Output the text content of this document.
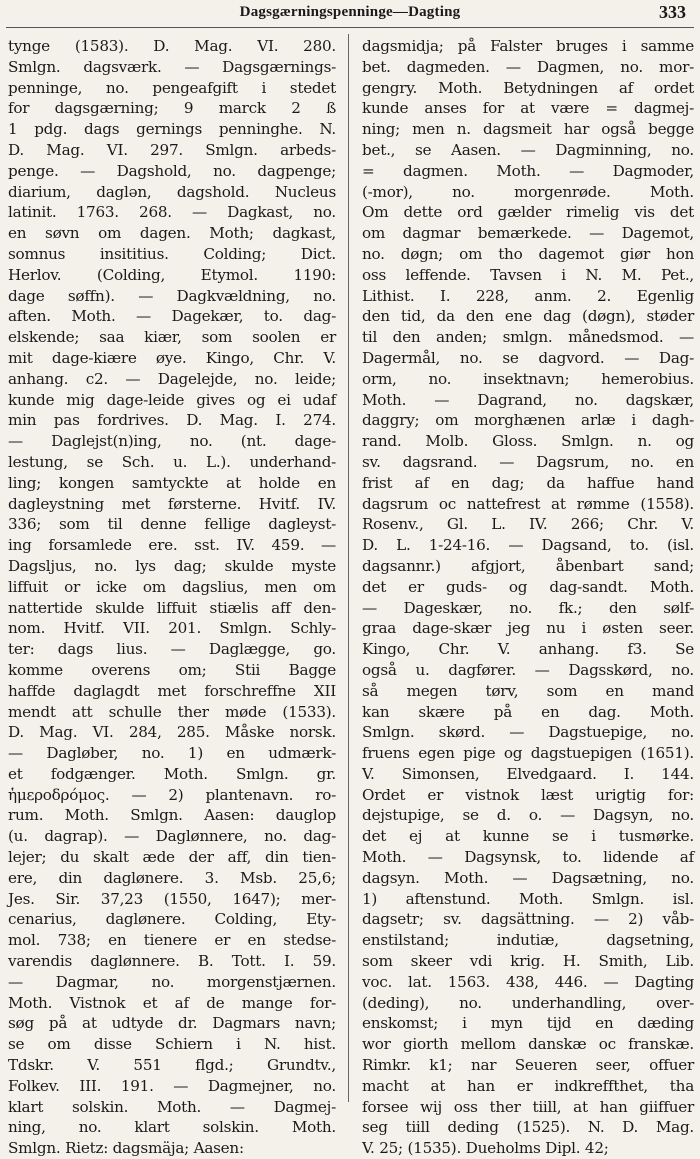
Dagsgærningspenninge—Dagting	333
tynge (1583). D. Mag. VI. 280.
Smlgn. dagsværk. — Dagsgærnings-
penninge, no. pengeafgift i stedet
for dagsgærning; 9 marck 2 ß
1 pdg. dags gernings penninghe. N.
D. Mag. VI. 297. Smlgn. arbeds-
penge. — Dagshold, no. dagpenge;
diarium, daglən, dagshold. Nucleus
latinit. 1763. 268. — Dagkast, no.
en søvn om dagen. Moth; dagkast,
somnus insititius. Colding; Dict.
Herlov. (Colding, Etymol. 1190:
dage søffn). — Dagkvældning, no.
aften. Moth. — Dagekær, to. dag-
elskende; saa kiær, som soolen er
mit dage-kiære øye. Kingo, Chr. V.
anhang. c2. — Dagelejde, no. leide;
kunde mig dage-leide gives og ei udaf
min pas fordrives. D. Mag. I. 274.
— Daglejst(n)ing, no. (nt. dage-
lestung, se Sch. u. L.). underhand-
ling; kongen samtyckte at holde en
dagleystning met førsterne. Hvitf. IV.
336; som til denne fellige dagleyst-
ing forsamlede ere. sst. IV. 459. —
Dagsljus, no. lys dag; skulde myste
liffuit or icke om dagslius, men om
nattertide skulde liffuit stiælis aff den-
nom. Hvitf. VII. 201. Smlgn. Schly-
ter: dags lius. — Daglægge, go.
komme overens om; Stii Bagge
haffde daglagdt met forschreffne XII
mendt att schulle ther møde (1533).
D. Mag. VI. 284, 285. Måske norsk.
— Dagløber, no. 1) en udmærk-
et fodgænger. Moth. Smlgn. gr.
ἡμεροδρόμος. — 2) plantenavn. ro-
rum. Moth. Smlgn. Aasen: dauglop
(u. dagrap). — Daglønnere, no. dag-
lejer; du skalt æde der aff, din tien-
ere, din daglønere. 3. Msb. 25,6;
Jes. Sir. 37,23 (1550, 1647); mer-
cenarius, daglønere. Colding, Ety-
mol. 738; en tienere er en stedse-
varendis daglønnere. B. Tott. I. 59.
— Dagmar, no. morgenstjærnen.
Moth. Vistnok et af de mange for-
søg på at udtyde dr. Dagmars navn;
se om disse Schiern i N. hist.
Tdskr. V. 551 flgd.; Grundtv.,
Folkev. III. 191. — Dagmejner, no.
klart solskin. Moth. — Dagmej-
ning, no. klart solskin. Moth.
Smlgn. Rietz: dagsmäja; Aasen:
dagsmidja; på Falster bruges i samme
bet. dagmeden. — Dagmen, no. mor-
gengry. Moth. Betydningen af ordet
kunde anses for at være = dagmej-
ning; men n. dagsmeit har også begge
bet., se Aasen. — Dagminning, no.
= dagmen. Moth. — Dagmoder,
(-mor), no. morgenrøde. Moth.
Om dette ord gælder rimelig vis det
om dagmar bemærkede. — Dagemot,
no. døgn; om tho dagemot giør hon
oss leffende. Tavsen i N. M. Pet.,
Lithist. I. 228, anm. 2. Egenlig
den tid, da den ene dag (døgn), støder
til den anden; smlgn. månedsmod. —
Dagermål, no. se dagvord. — Dag-
orm, no. insektnavn; hemerobius.
Moth. — Dagrand, no. dagskær,
daggry; om morghænen arlæ i dagh-
rand. Molb. Gloss. Smlgn. n. og
sv. dagsrand. — Dagsrum, no. en
frist af en dag; da haffue hand
dagsrum oc nattefrest at rømme (1558).
Rosenv., Gl. L. IV. 266; Chr. V.
D. L. 1-24-16. — Dagsand, to. (isl.
dagsannr.) afgjort, åbenbart sand;
det er guds- og dag-sandt. Moth.
— Dageskær, no. fk.; den sølf-
graa dage-skær jeg nu i østen seer.
Kingo, Chr. V. anhang. f3. Se
også u. dagfører. — Dagsskørd, no.
så megen tørv, som en mand
kan skære på en dag. Moth.
Smlgn. skørd. — Dagstuepige, no.
fruens egen pige og dagstuepigen (1651).
V. Simonsen, Elvedgaard. I. 144.
Ordet er vistnok læst urigtig for:
dejstupige, se d. o. — Dagsyn, no.
det ej at kunne se i tusmørke.
Moth. — Dagsynsk, to. lidende af
dagsyn. Moth. — Dagsætning, no.
1) aftenstund. Moth. Smlgn. isl.
dagsetr; sv. dagsättning. — 2) våb-
enstilstand; indutiæ, dagsetning,
som skeer vdi krig. H. Smith, Lib.
voc. lat. 1563. 438, 446. — Dagting
(deding), no. underhandling, over-
enskomst; i myn tijd en dæding
wor giorth mellom danskæ oc franskæ.
Rimkr. k1; nar Seueren seer, offuer
macht at han er indkreffthet, tha
forsee wij oss ther tiill, at han giiffuer
seg tiill deding (1525). N. D. Mag.
V. 25; (1535). Dueholms Dipl. 42;
